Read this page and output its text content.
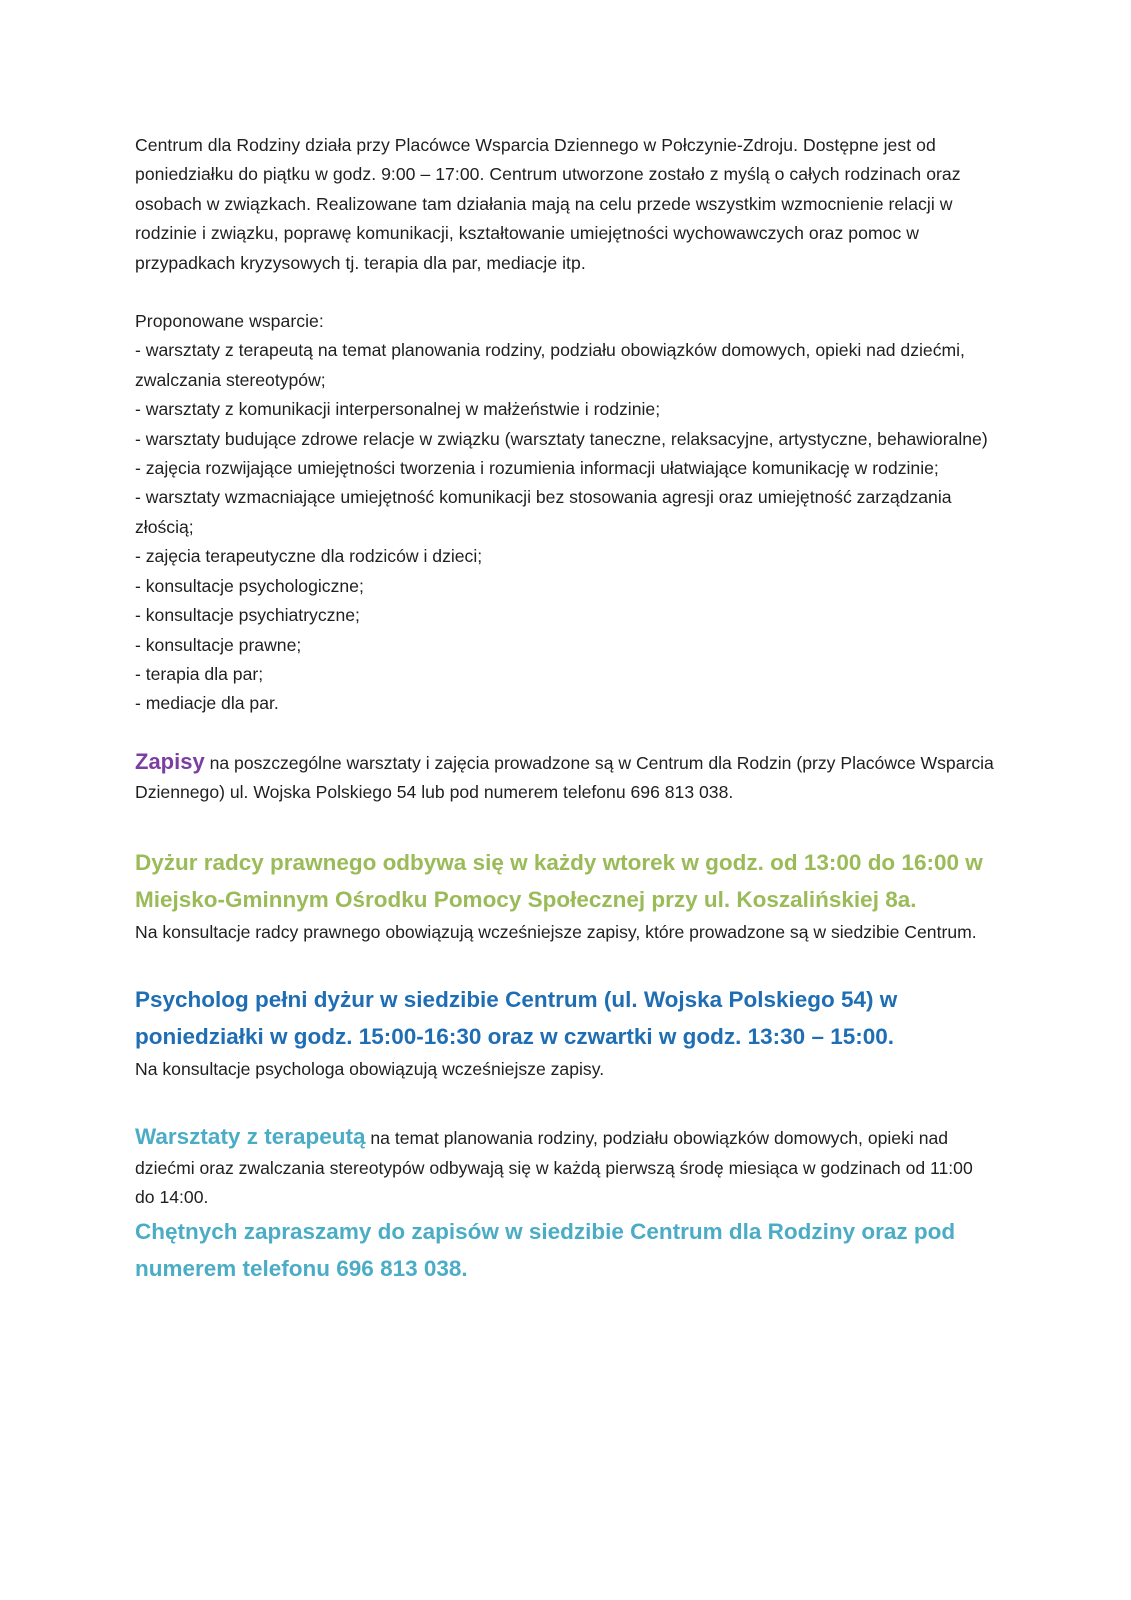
Centrum dla Rodziny działa przy Placówce Wsparcia Dziennego w Połczynie-Zdroju. Dostępne jest od poniedziałku do piątku w godz. 9:00 – 17:00. Centrum utworzone zostało z myślą o całych rodzinach oraz osobach w związkach. Realizowane tam działania mają na celu przede wszystkim wzmocnienie relacji w rodzinie i związku, poprawę komunikacji, kształtowanie umiejętności wychowawczych oraz pomoc w przypadkach kryzysowych tj. terapia dla par, mediacje itp.

Proponowane wsparcie:

- warsztaty z terapeutą na temat planowania rodziny, podziału obowiązków domowych, opieki nad dziećmi, zwalczania stereotypów;
- warsztaty z komunikacji interpersonalnej w małżeństwie i rodzinie;
- warsztaty budujące zdrowe relacje w związku (warsztaty taneczne, relaksacyjne, artystyczne, behawioralne)
- zajęcia rozwijające umiejętności tworzenia i rozumienia informacji ułatwiające komunikację w rodzinie;
- warsztaty wzmacniające umiejętność komunikacji bez stosowania agresji oraz umiejętność zarządzania złością;
- zajęcia terapeutyczne dla rodziców i dzieci;
- konsultacje psychologiczne;
- konsultacje psychiatryczne;
- konsultacje prawne;
- terapia dla par;
- mediacje dla par.

Zapisy na poszczególne warsztaty i zajęcia prowadzone są w Centrum dla Rodzin (przy Placówce Wsparcia Dziennego) ul. Wojska Polskiego 54 lub pod numerem telefonu 696 813 038.

Dyżur radcy prawnego odbywa się w każdy wtorek w godz. od 13:00 do 16:00 w Miejsko-Gminnym Ośrodku Pomocy Społecznej przy ul. Koszalińskiej 8a.

Na konsultacje radcy prawnego obowiązują wcześniejsze zapisy, które prowadzone są w siedzibie Centrum.

Psycholog pełni dyżur w siedzibie Centrum (ul. Wojska Polskiego 54) w poniedziałki w godz. 15:00-16:30 oraz w czwartki w godz. 13:30 – 15:00.

Na konsultacje psychologa obowiązują wcześniejsze zapisy.

Warsztaty z terapeutą na temat planowania rodziny, podziału obowiązków domowych, opieki nad dziećmi oraz zwalczania stereotypów odbywają się w każdą pierwszą środę miesiąca w godzinach od 11:00 do 14:00.

Chętnych zapraszamy do zapisów w siedzibie Centrum dla Rodziny oraz pod numerem telefonu 696 813 038.
